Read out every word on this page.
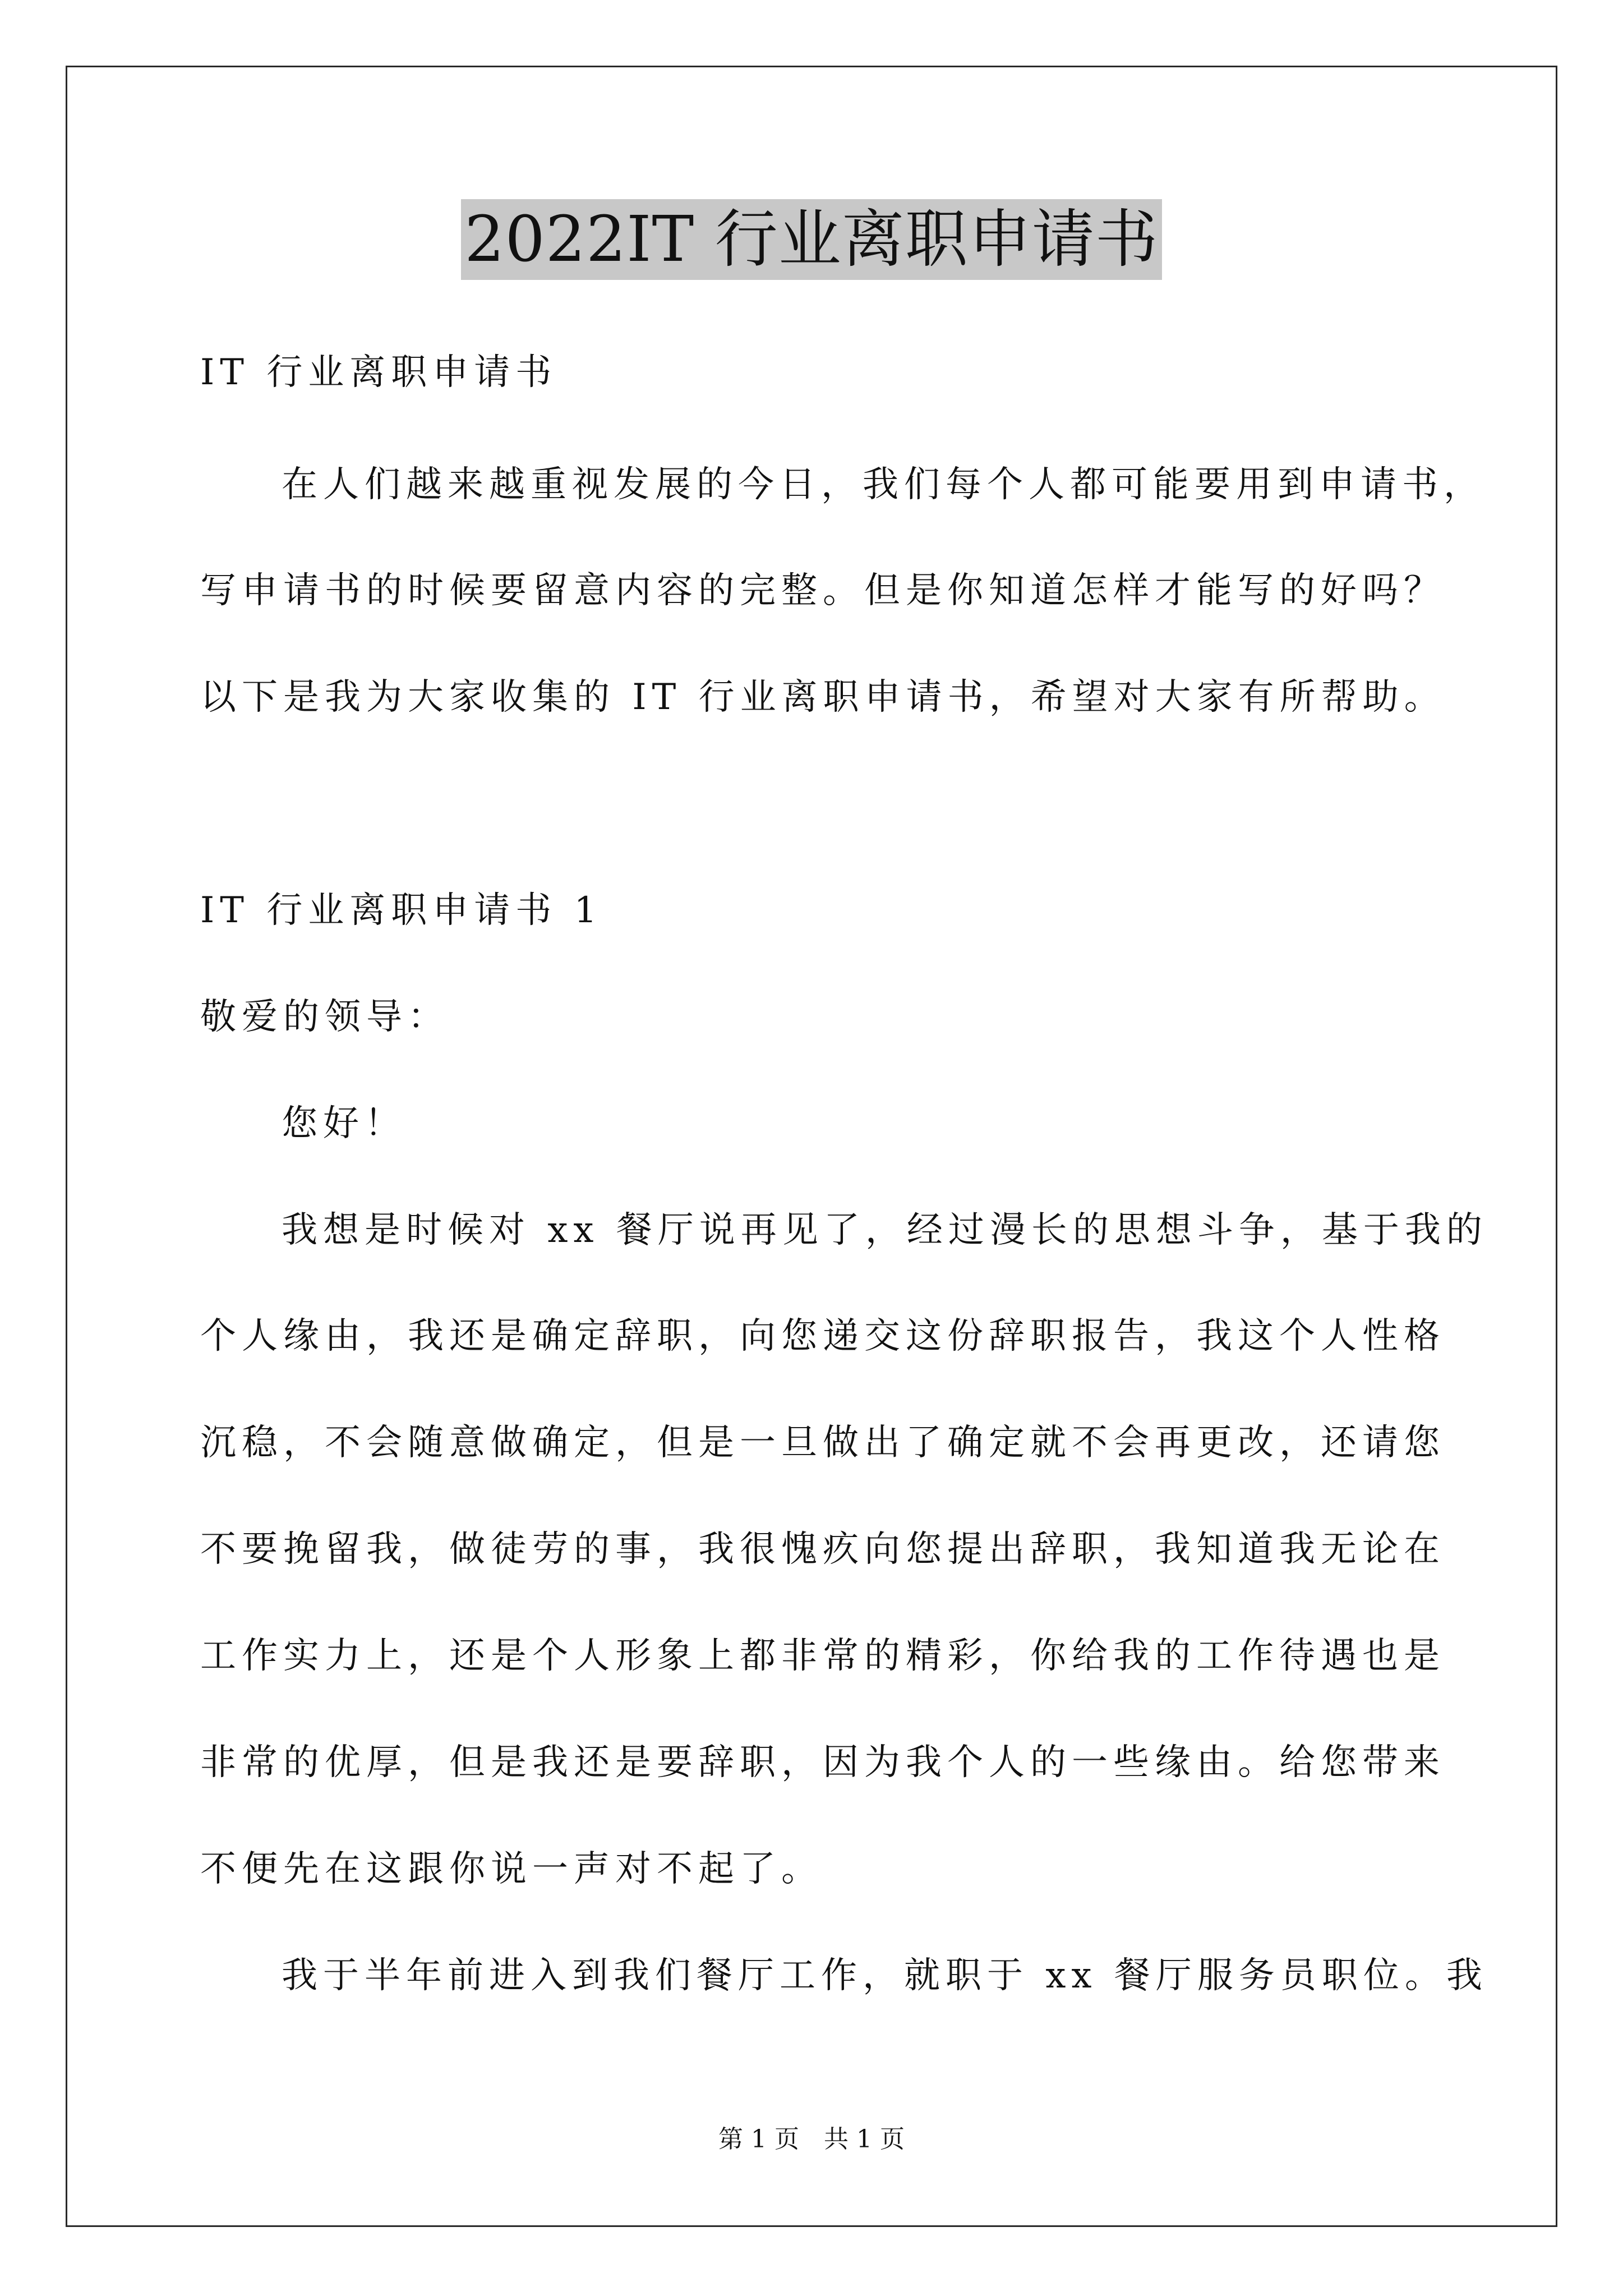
2022IT 行业离职申请书
IT 行业离职申请书
在人们越来越重视发展的今日，我们每个人都可能要用到申请书，
写申请书的时候要留意内容的完整。但是你知道怎样才能写的好吗？
以下是我为大家收集的 IT 行业离职申请书，希望对大家有所帮助。
IT 行业离职申请书 1
敬爱的领导：
您好！
我想是时候对 xx 餐厅说再见了，经过漫长的思想斗争，基于我的
个人缘由，我还是确定辞职，向您递交这份辞职报告，我这个人性格
沉稳，不会随意做确定，但是一旦做出了确定就不会再更改，还请您
不要挽留我，做徒劳的事，我很愧疚向您提出辞职，我知道我无论在
工作实力上，还是个人形象上都非常的精彩，你给我的工作待遇也是
非常的优厚，但是我还是要辞职，因为我个人的一些缘由。给您带来
不便先在这跟你说一声对不起了。
我于半年前进入到我们餐厅工作，就职于 xx 餐厅服务员职位。我
第 1 页　共 1 页
